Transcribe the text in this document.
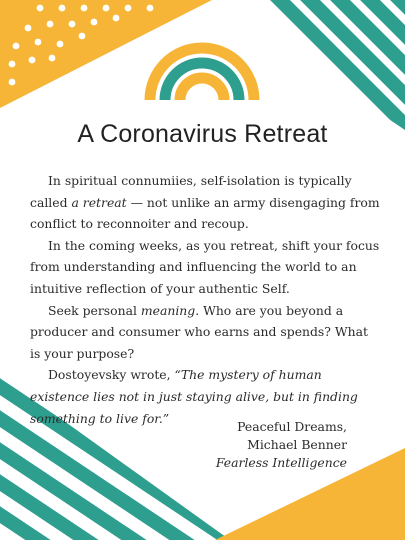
A Coronavirus Retreat

In spiritual connumiies, self-isolation is typically called a retreat — not unlike an army disengaging from conflict to reconnoiter and recoup.

In the coming weeks, as you retreat, shift your focus from understanding and influencing the world to an intuitive reflection of your authentic Self.

Seek personal meaning. Who are you beyond a producer and consumer who earns and spends? What is your purpose?

Dostoyevsky wrote, “The mystery of human existence lies not in just staying alive, but in finding something to live for.”

Peaceful Dreams,
Michael Benner
Fearless Intelligence
